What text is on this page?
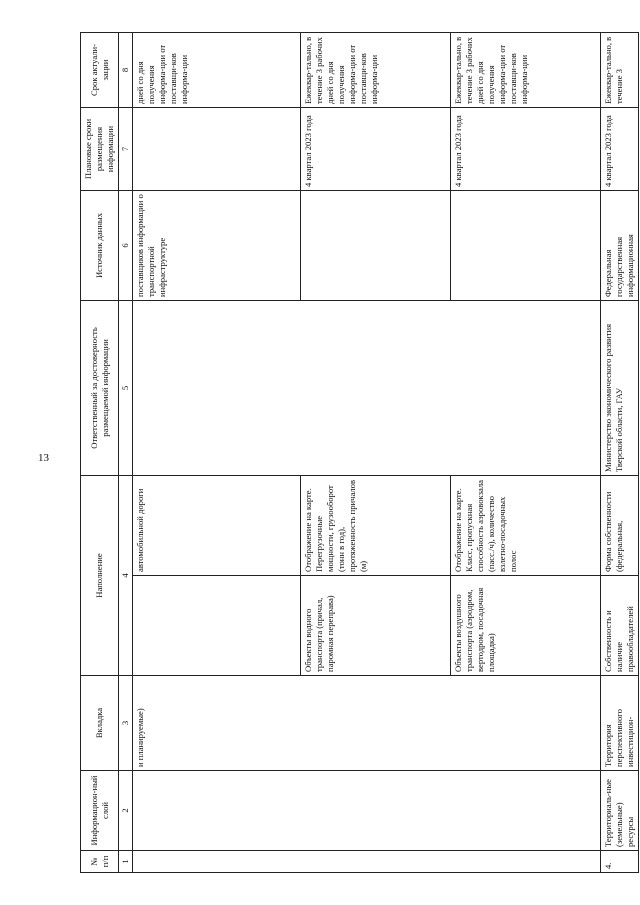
13
№ п/п	Информацион-ный слой	Вкладка	Наполнение		Ответственный за достоверность размещаемой информации	Источник данных	Плановые сроки размещения информации	Срок актуали-зации
1	2	3	4		5	6	7	8
		и планируемые)		автомобильной дороги		поставщиков информации о транспортной инфраструктуре		дней со дня получения информа-ции от поставщи-ков информа-ции
			Объекты водного транспорта (причал, паромная переправа)	Отображение на карте. Перегрузочные мощности, грузооборот (тонн в год), протяженность причалов (м)			4 квартал 2023 года	Ежеквар-тально, в течение 3 рабочих дней со дня получения информа-ции от поставщи-ков информа-ции
			Объекты воздушного транспорта (аэродром, вертодром, посадочная площадка)	Отображение на карте. Класс, пропускная способность аэровокзала (пасс./ч), количество взлетно-посадочных полос			4 квартал 2023 года	Ежеквар-тально, в течение 3 рабочих дней со дня получения информа-ции от поставщи-ков информа-ции
4.	Территориаль-ные (земельные) ресурсы	Территория перспективного инвестицион-	Собственность и наличие правообладателей	Форма собственности (федеральная,	Министерство экономического развития Тверской области, ГАУ	Федеральная государственная информационная	4 квартал 2023 года	Ежеквар-тально, в течение 3
